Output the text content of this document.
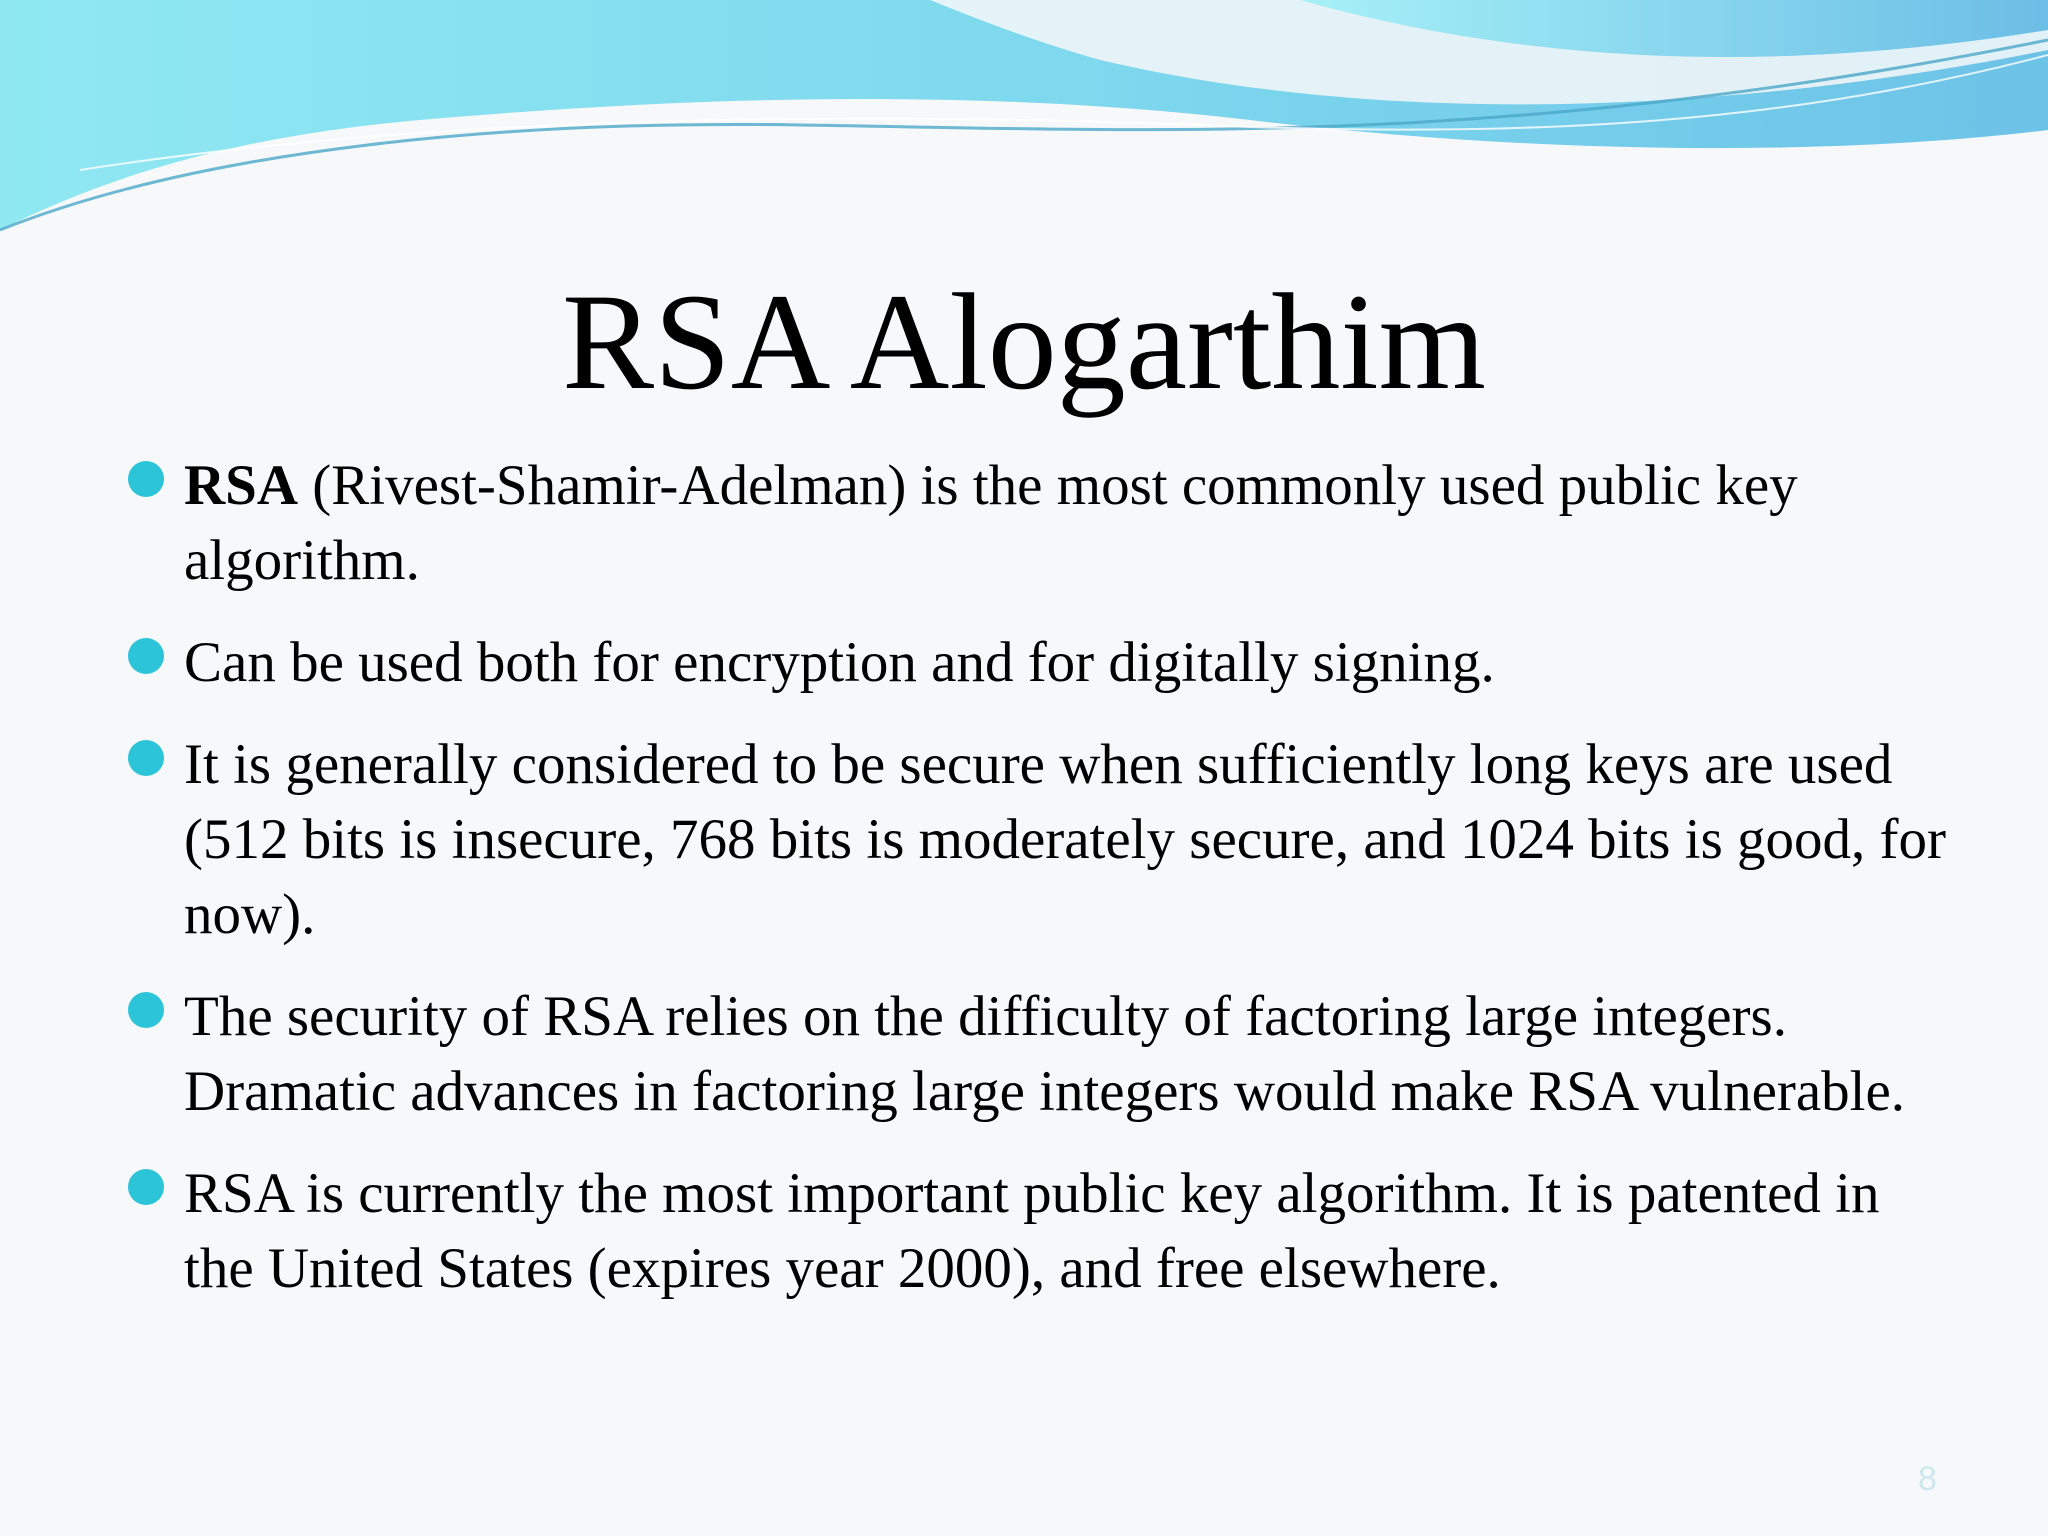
RSA Alogarthim
RSA (Rivest-Shamir-Adelman) is the most commonly used public key algorithm.
Can be used both for encryption and for digitally signing.
It is generally considered to be secure when sufficiently long keys are used (512 bits is insecure, 768 bits is moderately secure, and 1024 bits is good, for now).
The security of RSA relies on the difficulty of factoring large integers. Dramatic advances in factoring large integers would make RSA vulnerable.
RSA is currently the most important public key algorithm. It is patented in the United States (expires year 2000), and free elsewhere.
8
